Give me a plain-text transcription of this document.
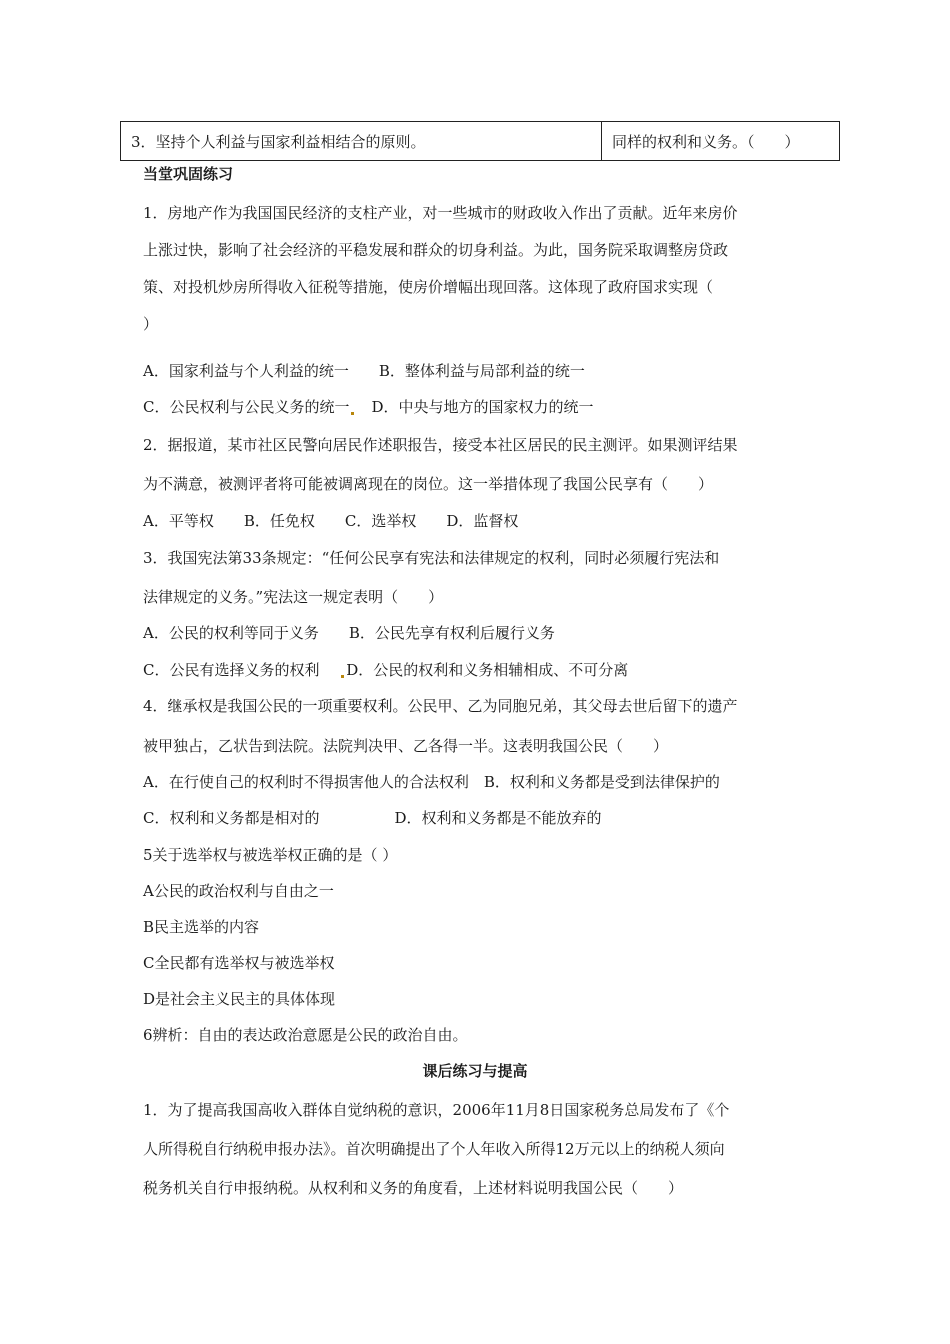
3．坚持个人利益与国家利益相结合的原则。	同样的权利和义务。（　　）
当堂巩固练习
1．房地产作为我国国民经济的支柱产业，对一些城市的财政收入作出了贡献。近年来房价
上涨过快，影响了社会经济的平稳发展和群众的切身利益。为此，国务院采取调整房贷政
策、对投机炒房所得收入征税等措施，使房价增幅出现回落。这体现了政府国求实现（
）
A．国家利益与个人利益的统一　　B．整体利益与局部利益的统一
C．公民权利与公民义务的统一　 D．中央与地方的国家权力的统一
2．据报道，某市社区民警向居民作述职报告，接受本社区居民的民主测评。如果测评结果
为不满意，被测评者将可能被调离现在的岗位。这一举措体现了我国公民享有（　　）
A．平等权　　B．任免权　　C．选举权　　D．监督权
3．我国宪法第33条规定：“任何公民享有宪法和法律规定的权利，同时必须履行宪法和
法律规定的义务。”宪法这一规定表明（　　）
A．公民的权利等同于义务　　B．公民先享有权利后履行义务
C．公民有选择义务的权利　 D．公民的权利和义务相辅相成、不可分离
4．继承权是我国公民的一项重要权利。公民甲、乙为同胞兄弟，其父母去世后留下的遗产
被甲独占，乙状告到法院。法院判决甲、乙各得一半。这表明我国公民（　　）
A．在行使自己的权利时不得损害他人的合法权利　B．权利和义务都是受到法律保护的
C．权利和义务都是相对的　　　　　D．权利和义务都是不能放弃的
5关于选举权与被选举权正确的是（ ）
A公民的政治权利与自由之一
B民主选举的内容
C全民都有选举权与被选举权
D是社会主义民主的具体体现
6辨析：自由的表达政治意愿是公民的政治自由。
课后练习与提高
1．为了提高我国高收入群体自觉纳税的意识，2006年11月8日国家税务总局发布了《个
人所得税自行纳税申报办法》。首次明确提出了个人年收入所得12万元以上的纳税人须向
税务机关自行申报纳税。从权利和义务的角度看，上述材料说明我国公民（　　）
